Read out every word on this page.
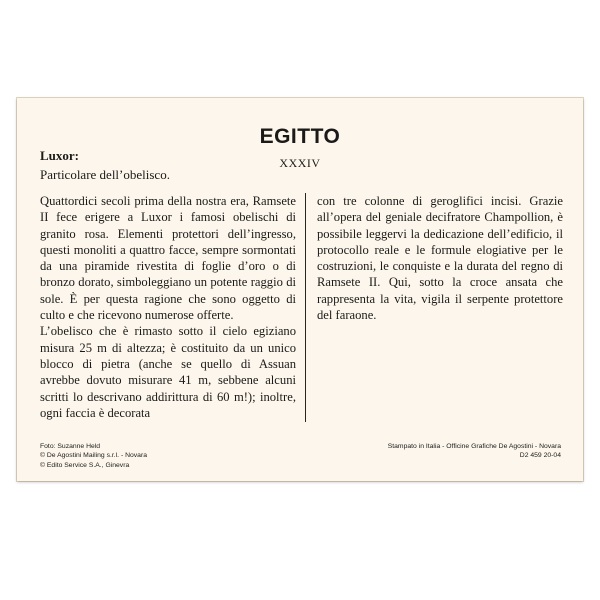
EGITTO
Luxor:
Particolare dell’obelisco.
XXXIV

Quattordici secoli prima della nostra era, Ramsete II fece erigere a Luxor i famosi obelischi di granito rosa. Elementi protettori dell’ingresso, questi monoliti a quattro facce, sempre sormontati da una piramide rivestita di foglie d’oro o di bronzo dorato, simboleggiano un potente raggio di sole. È per questa ragione che sono oggetto di culto e che ricevono numerose offerte.

L’obelisco che è rimasto sotto il cielo egiziano misura 25 m di altezza; è costituito da un unico blocco di pietra (anche se quello di Assuan avrebbe dovuto misurare 41 m, sebbene alcuni scritti lo descrivano addirittura di 60 m!); inoltre, ogni faccia è decorata

con tre colonne di geroglifici incisi. Grazie all’opera del geniale decifratore Champollion, è possibile leggervi la dedicazione dell’edificio, il protocollo reale e le formule elogiative per le costruzioni, le conquiste e la durata del regno di Ramsete II. Qui, sotto la croce ansata che rappresenta la vita, vigila il serpente protettore del faraone.

Foto: Suzanne Held
© De Agostini Mailing s.r.l. - Novara
© Edito Service S.A., Ginevra
Stampato in Italia - Officine Grafiche De Agostini - Novara
D2 459 20-04
